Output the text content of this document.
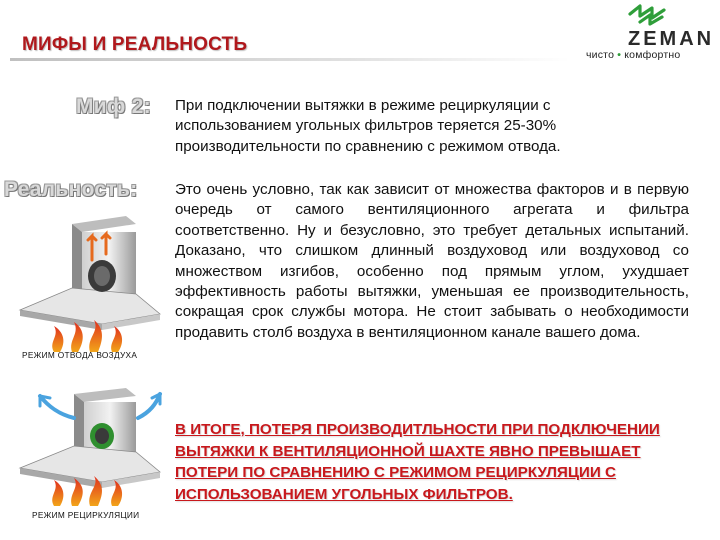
МИФЫ И РЕАЛЬНОСТЬ	ZEMAN
чисто • комфортно
Миф 2: При подключении вытяжки в режиме рециркуляции с использованием угольных фильтров теряется 25-30% производительности по сравнению с режимом отвода.
Реальность: Это очень условно, так как зависит от множества факторов и в первую очередь от самого вентиляционного агрегата и фильтра соответственно. Ну и безусловно, это требует детальных испытаний. Доказано, что слишком длинный воздуховод или воздуховод со множеством изгибов, особенно под прямым углом, ухудшает эффективность работы вытяжки, уменьшая ее производительность, сокращая срок службы мотора. Не стоит забывать о необходимости продавить столб воздуха в вентиляционном канале вашего дома.
РЕЖИМ ОТВОДА ВОЗДУХА
РЕЖИМ РЕЦИРКУЛЯЦИИ
В ИТОГЕ, ПОТЕРЯ ПРОИЗВОДИТЛЬНОСТИ ПРИ ПОДКЛЮЧЕНИИ ВЫТЯЖКИ К ВЕНТИЛЯЦИОННОЙ ШАХТЕ ЯВНО ПРЕВЫШАЕТ ПОТЕРИ ПО СРАВНЕНИЮ С РЕЖИМОМ РЕЦИРКУЛЯЦИИ С ИСПОЛЬЗОВАНИЕМ УГОЛЬНЫХ ФИЛЬТРОВ.
